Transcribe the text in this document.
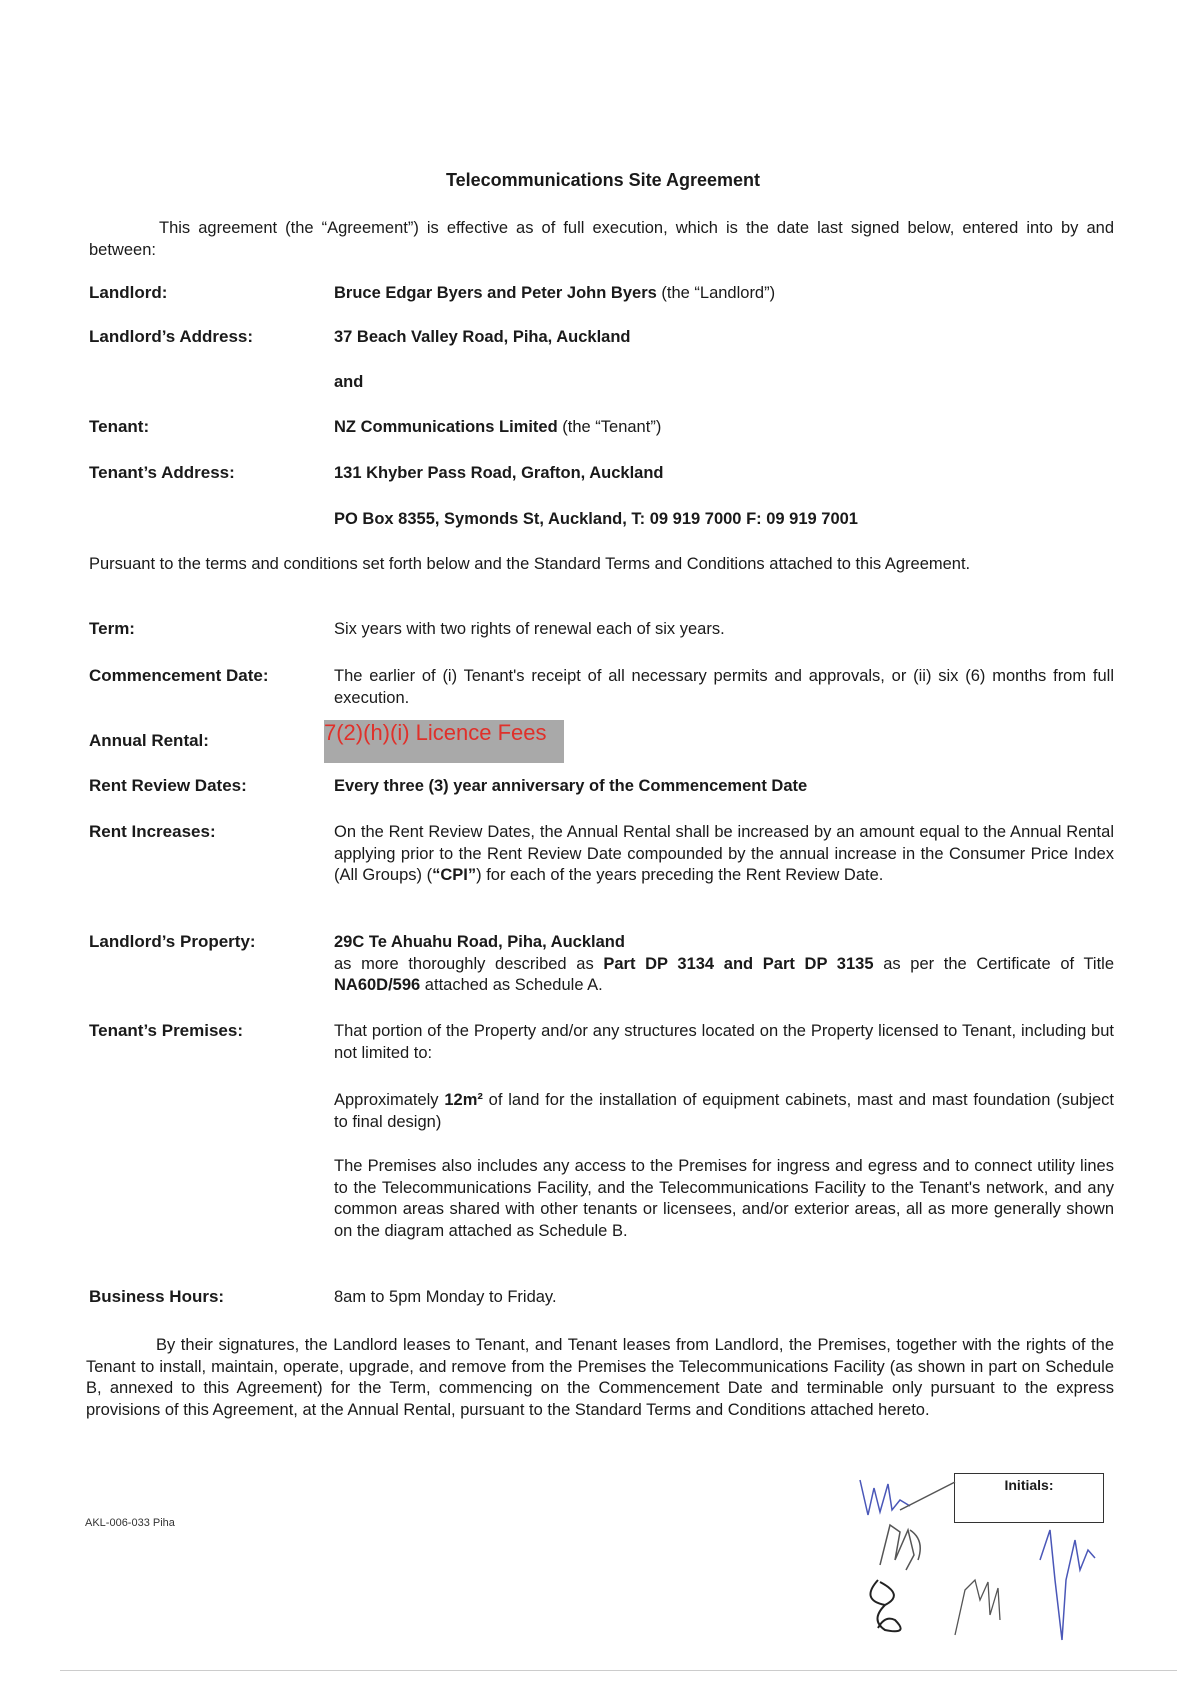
Telecommunications Site Agreement
This agreement (the “Agreement”) is effective as of full execution, which is the date last signed below, entered into by and between:
Landlord:	Bruce Edgar Byers and Peter John Byers (the “Landlord”)
Landlord’s Address:	37 Beach Valley Road, Piha, Auckland
and
Tenant:	NZ Communications Limited (the “Tenant”)
Tenant’s Address:	131 Khyber Pass Road, Grafton, Auckland
PO Box 8355, Symonds St, Auckland, T: 09 919 7000 F: 09 919 7001
Pursuant to the terms and conditions set forth below and the Standard Terms and Conditions attached to this Agreement.
Term:	Six years with two rights of renewal each of six years.
Commencement Date:	The earlier of (i) Tenant's receipt of all necessary permits and approvals, or (ii) six (6) months from full execution.
Annual Rental:	7(2)(h)(i) Licence Fees
Rent Review Dates:	Every three (3) year anniversary of the Commencement Date
Rent Increases:	On the Rent Review Dates, the Annual Rental shall be increased by an amount equal to the Annual Rental applying prior to the Rent Review Date compounded by the annual increase in the Consumer Price Index (All Groups) (“CPI”) for each of the years preceding the Rent Review Date.
Landlord’s Property:	29C Te Ahuahu Road, Piha, Auckland
as more thoroughly described as Part DP 3134 and Part DP 3135 as per the Certificate of Title NA60D/596 attached as Schedule A.
Tenant’s Premises:	That portion of the Property and/or any structures located on the Property licensed to Tenant, including but not limited to:
Approximately 12m² of land for the installation of equipment cabinets, mast and mast foundation (subject to final design)
The Premises also includes any access to the Premises for ingress and egress and to connect utility lines to the Telecommunications Facility, and the Telecommunications Facility to the Tenant's network, and any common areas shared with other tenants or licensees, and/or exterior areas, all as more generally shown on the diagram attached as Schedule B.
Business Hours:	8am to 5pm Monday to Friday.
By their signatures, the Landlord leases to Tenant, and Tenant leases from Landlord, the Premises, together with the rights of the Tenant to install, maintain, operate, upgrade, and remove from the Premises the Telecommunications Facility (as shown in part on Schedule B, annexed to this Agreement) for the Term, commencing on the Commencement Date and terminable only pursuant to the express provisions of this Agreement, at the Annual Rental, pursuant to the Standard Terms and Conditions attached hereto.
AKL-006-033 Piha
Initials:
